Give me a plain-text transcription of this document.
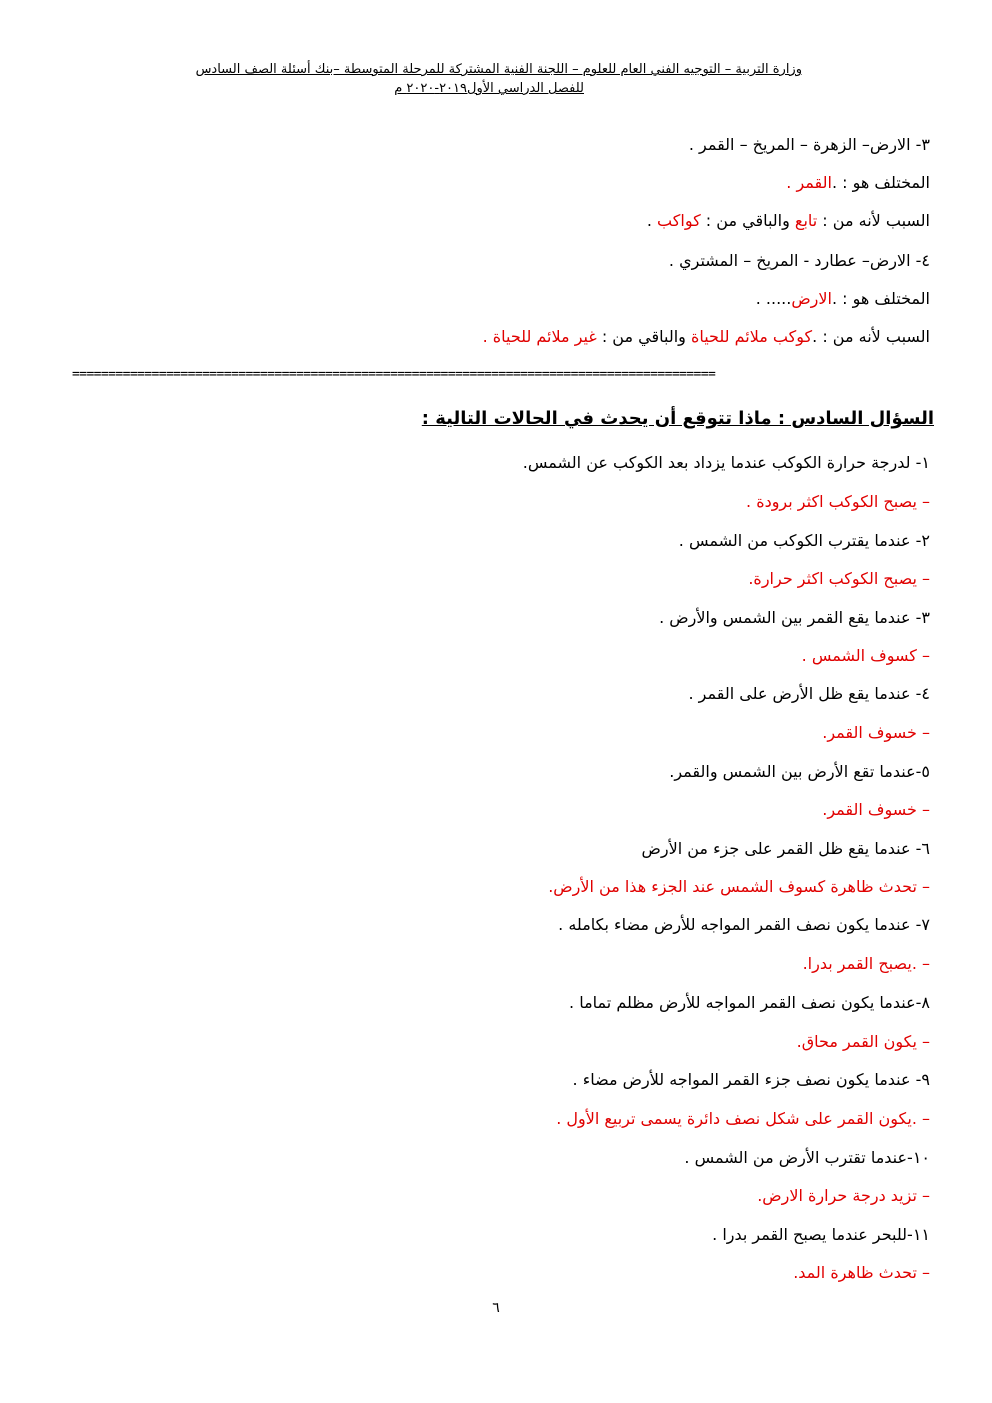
وزارة التربية – التوجيه الفني العام للعلوم – اللجنة الفنية المشتركة للمرحلة المتوسطة –بنك أسئلة الصف السادس
للفصل الدراسي الأول٢٠١٩-٢٠٢٠ م
٣- الارض– الزهرة – المريخ – القمر .
المختلف هو : .القمر .
السبب لأنه من : تابع والباقي من : كواكب .
٤- الارض– عطارد - المريخ – المشتري .
المختلف هو : .الارض..... .
السبب لأنه من : .كوكب ملائم للحياة والباقي من : غير ملائم للحياة .
=========================================================================================
السؤال السادس : ماذا تتوقع أن يحدث في الحالات التالية :
١- لدرجة حرارة الكوكب عندما يزداد بعد الكوكب عن الشمس.
– يصبح الكوكب اكثر برودة .
٢- عندما يقترب الكوكب من الشمس .
– يصبح الكوكب اكثر حرارة.
٣- عندما يقع القمر بين الشمس والأرض .
– كسوف الشمس .
٤- عندما يقع ظل الأرض على القمر .
– خسوف القمر.
٥-عندما تقع الأرض بين الشمس والقمر.
– خسوف القمر.
٦- عندما يقع ظل القمر على جزء من الأرض
– تحدث ظاهرة كسوف الشمس عند الجزء هذا من الأرض.
٧- عندما يكون نصف القمر المواجه للأرض مضاء بكامله .
– .يصبح القمر بدرا.
٨-عندما يكون نصف القمر المواجه للأرض مظلم تماما .
– يكون القمر محاق.
٩- عندما يكون نصف جزء القمر المواجه للأرض مضاء .
– .يكون القمر على شكل نصف دائرة يسمى تربيع الأول .
١٠-عندما تقترب الأرض من الشمس .
– تزيد درجة حرارة الارض.
١١-للبحر عندما يصبح القمر بدرا .
– تحدث ظاهرة المد.
٦
